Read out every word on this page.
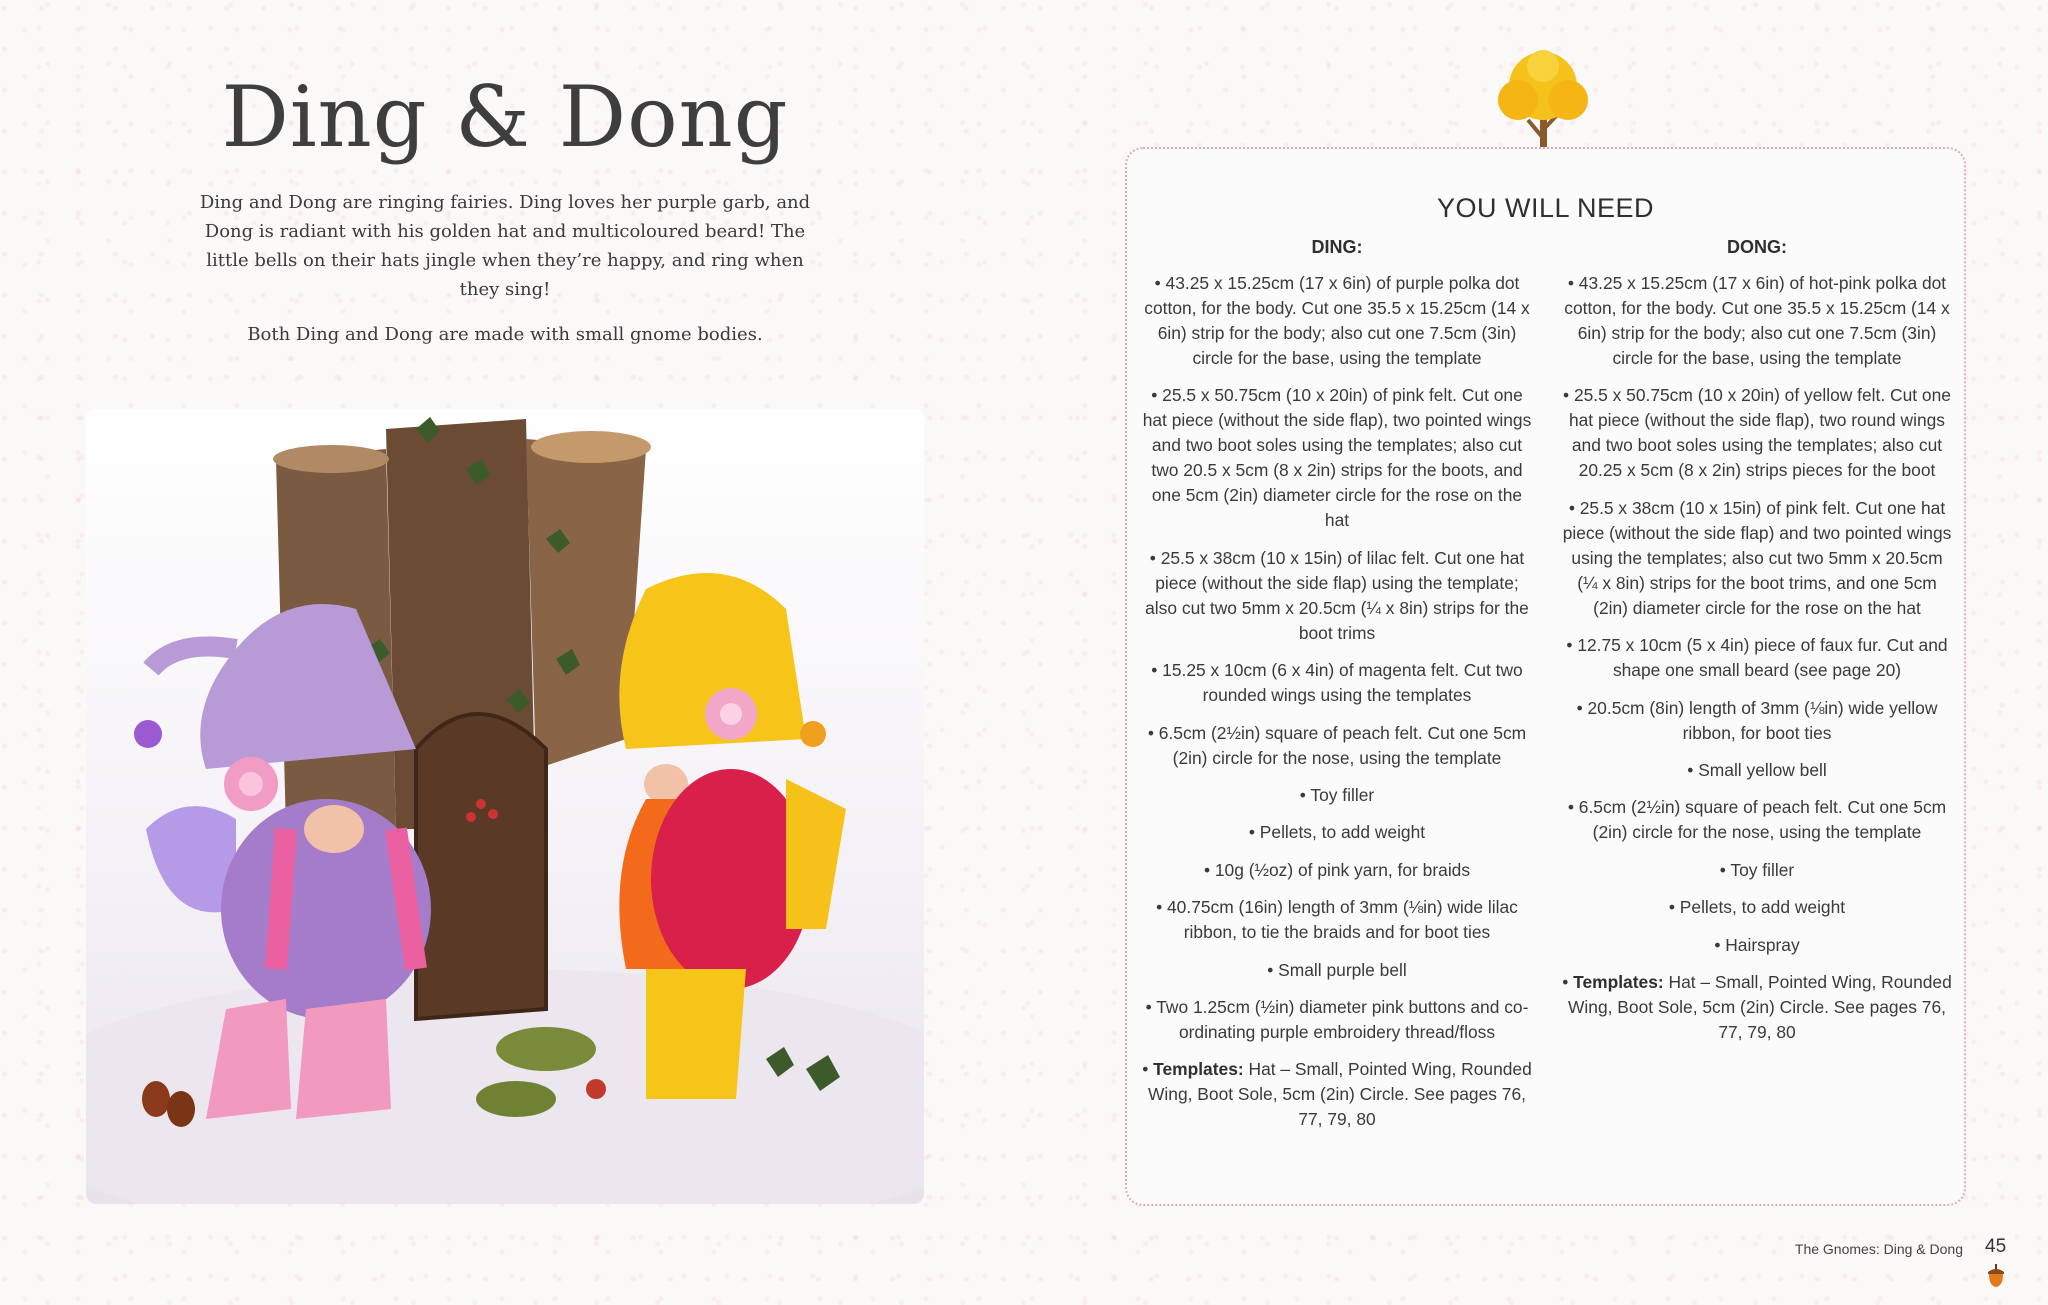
Ding & Dong

Ding and Dong are ringing fairies. Ding loves her purple garb, and Dong is radiant with his golden hat and multicoloured beard! The little bells on their hats jingle when they’re happy, and ring when they sing!

Both Ding and Dong are made with small gnome bodies.

YOU WILL NEED
DING:
• 43.25 x 15.25cm (17 x 6in) of purple polka dot cotton, for the body. Cut one 35.5 x 15.25cm (14 x 6in) strip for the body; also cut one 7.5cm (3in) circle for the base, using the template
• 25.5 x 50.75cm (10 x 20in) of pink felt. Cut one hat piece (without the side flap), two pointed wings and two boot soles using the templates; also cut two 20.5 x 5cm (8 x 2in) strips for the boots, and one 5cm (2in) diameter circle for the rose on the hat
• 25.5 x 38cm (10 x 15in) of lilac felt. Cut one hat piece (without the side flap) using the template; also cut two 5mm x 20.5cm (¼ x 8in) strips for the boot trims
• 15.25 x 10cm (6 x 4in) of magenta felt. Cut two rounded wings using the templates
• 6.5cm (2½in) square of peach felt. Cut one 5cm (2in) circle for the nose, using the template
• Toy filler
• Pellets, to add weight
• 10g (½oz) of pink yarn, for braids
• 40.75cm (16in) length of 3mm (⅛in) wide lilac ribbon, to tie the braids and for boot ties
• Small purple bell
• Two 1.25cm (½in) diameter pink buttons and co-ordinating purple embroidery thread/floss
• Templates: Hat – Small, Pointed Wing, Rounded Wing, Boot Sole, 5cm (2in) Circle. See pages 76, 77, 79, 80
DONG:
• 43.25 x 15.25cm (17 x 6in) of hot-pink polka dot cotton, for the body. Cut one 35.5 x 15.25cm (14 x 6in) strip for the body; also cut one 7.5cm (3in) circle for the base, using the template
• 25.5 x 50.75cm (10 x 20in) of yellow felt. Cut one hat piece (without the side flap), two round wings and two boot soles using the templates; also cut 20.25 x 5cm (8 x 2in) strips pieces for the boot
• 25.5 x 38cm (10 x 15in) of pink felt. Cut one hat piece (without the side flap) and two pointed wings using the templates; also cut two 5mm x 20.5cm (¼ x 8in) strips for the boot trims, and one 5cm (2in) diameter circle for the rose on the hat
• 12.75 x 10cm (5 x 4in) piece of faux fur. Cut and shape one small beard (see page 20)
• 20.5cm (8in) length of 3mm (⅛in) wide yellow ribbon, for boot ties
• Small yellow bell
• 6.5cm (2½in) square of peach felt. Cut one 5cm (2in) circle for the nose, using the template
• Toy filler
• Pellets, to add weight
• Hairspray
• Templates: Hat – Small, Pointed Wing, Rounded Wing, Boot Sole, 5cm (2in) Circle. See pages 76, 77, 79, 80
The Gnomes: Ding & Dong 45
